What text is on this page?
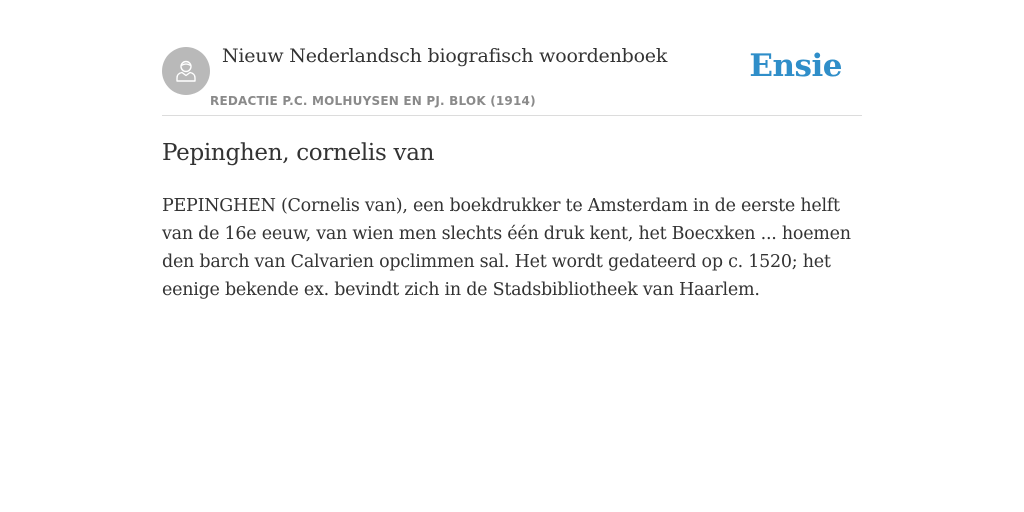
Nieuw Nederlandsch biografisch woordenboek
REDACTIE P.C. MOLHUYSEN EN PJ. BLOK (1914)
Ensie
Pepinghen, cornelis van

PEPINGHEN (Cornelis van), een boekdrukker te Amsterdam in de eerste helft van de 16e eeuw, van wien men slechts één druk kent, het Boecxken ... hoemen den barch van Calvarien opclimmen sal. Het wordt gedateerd op c. 1520; het eenige bekende ex. bevindt zich in de Stadsbibliotheek van Haarlem.
